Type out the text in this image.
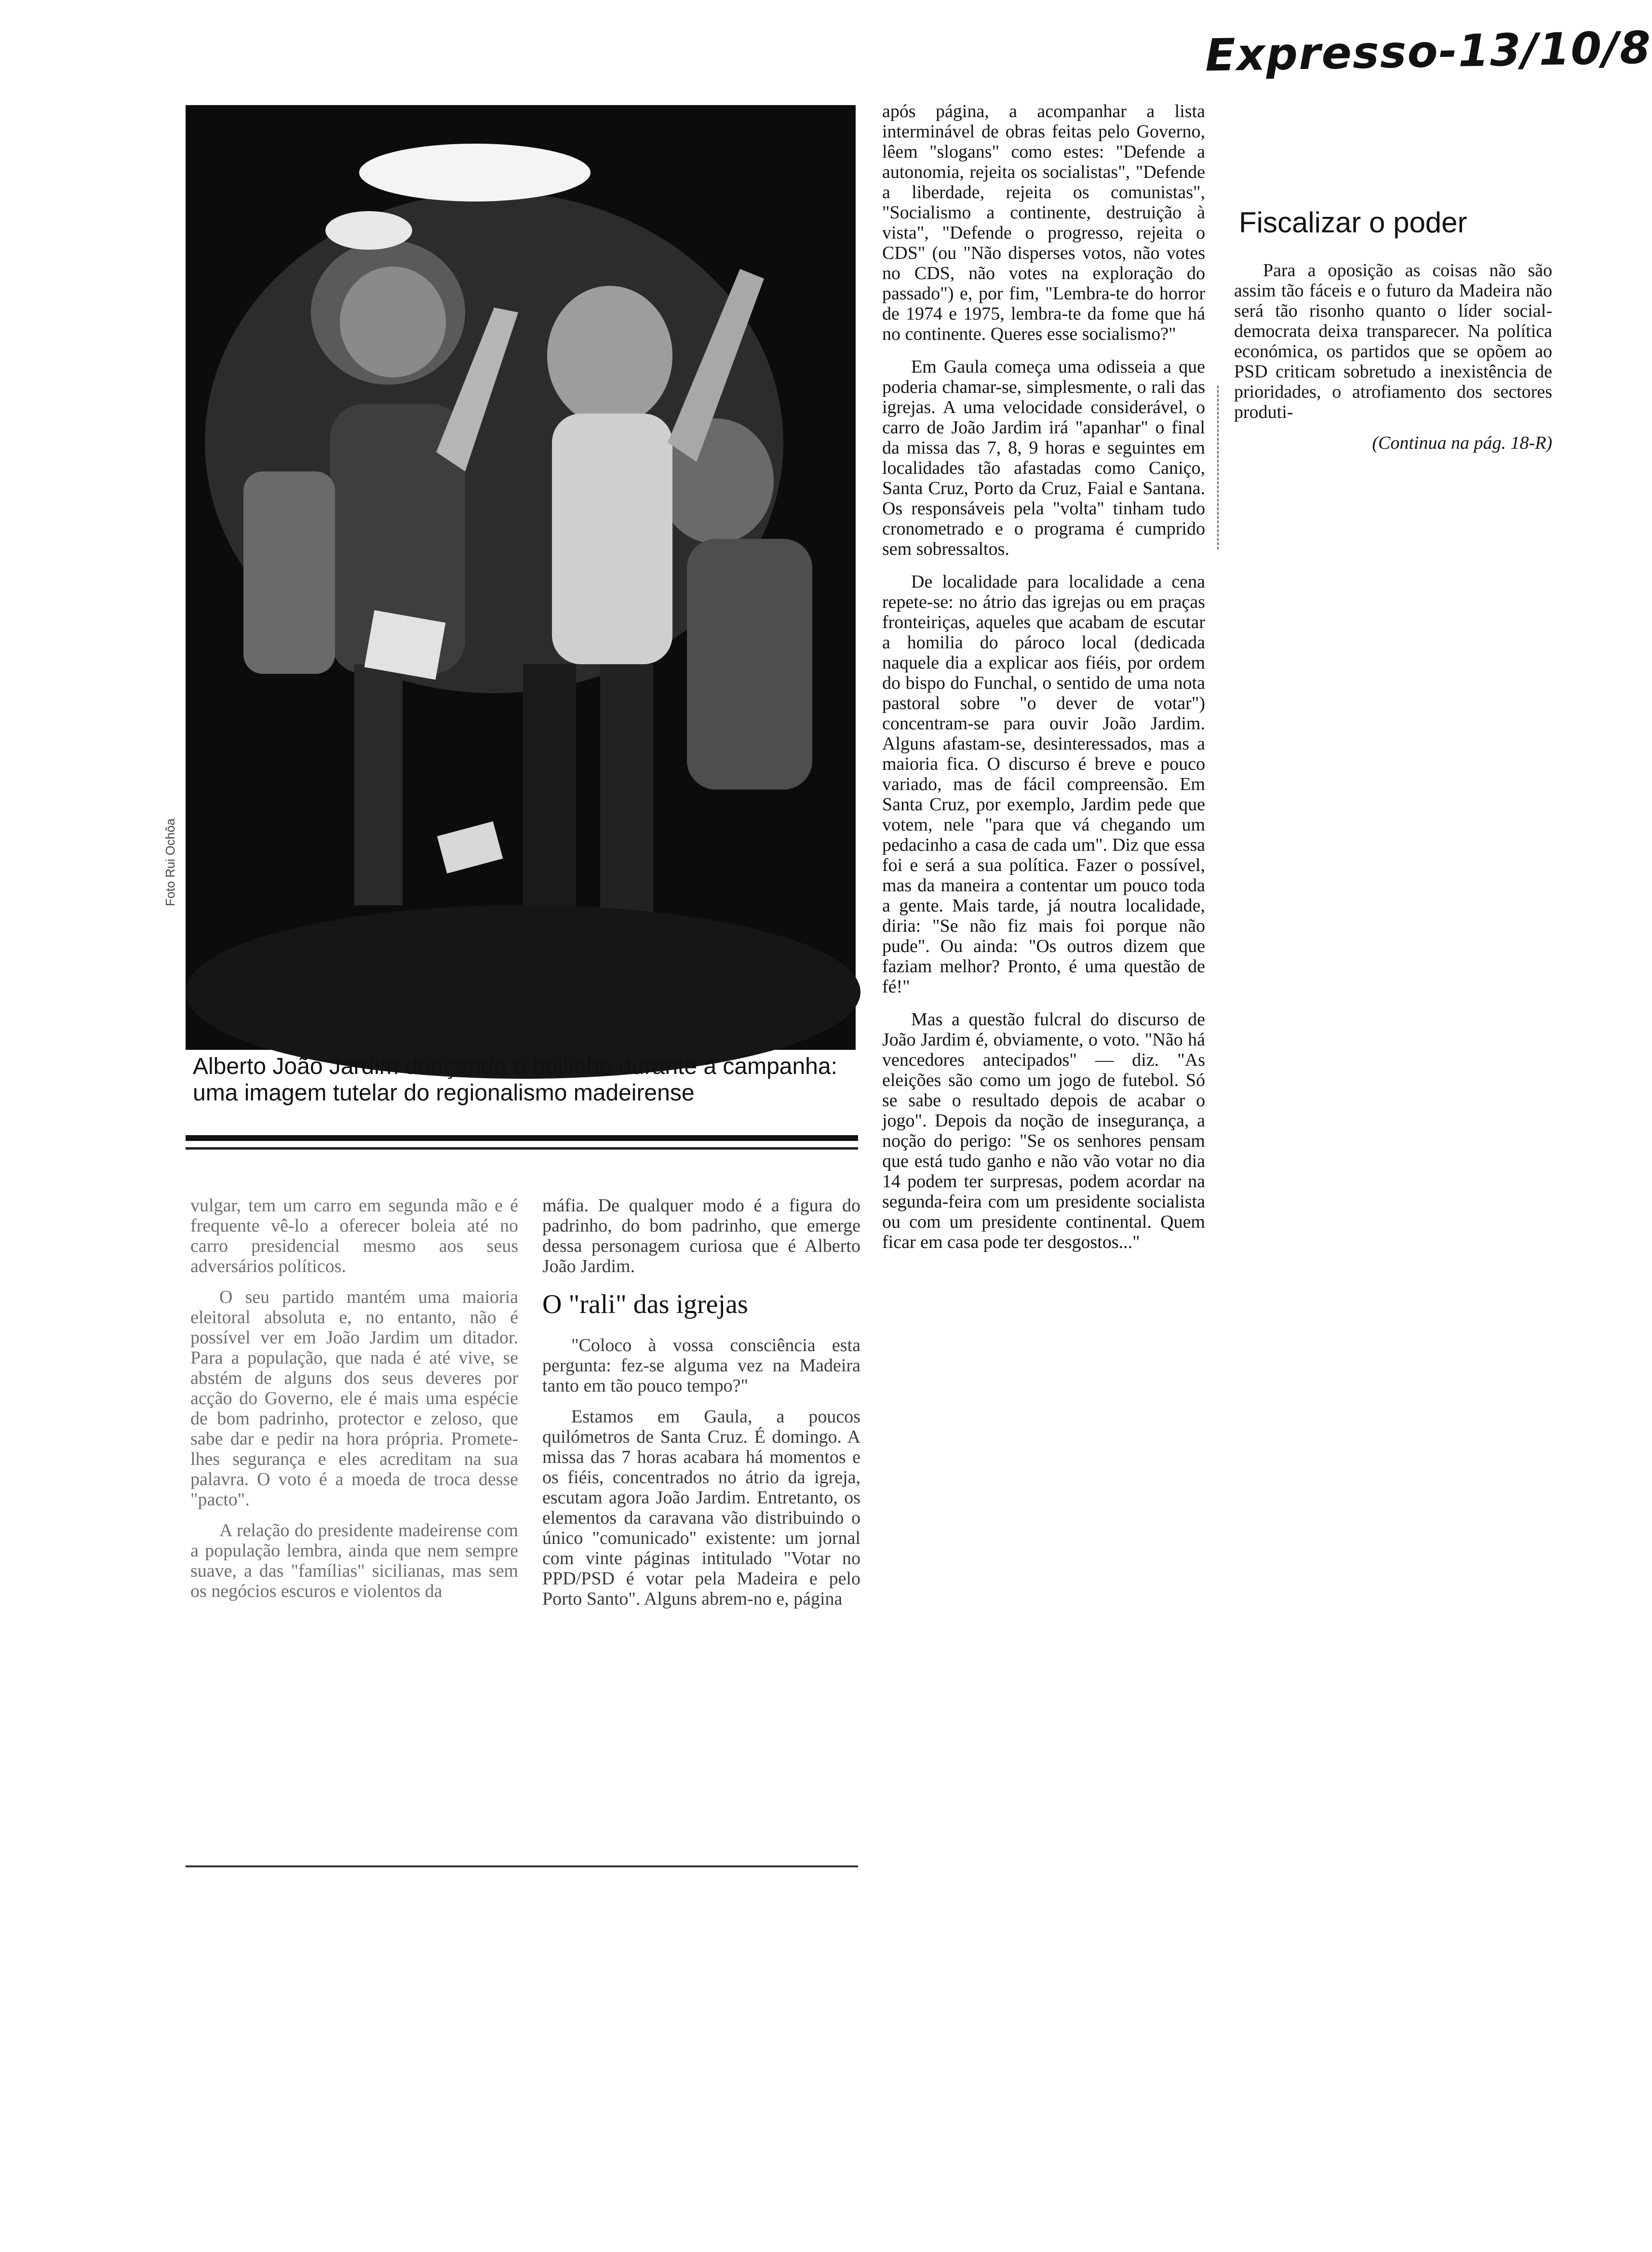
Expresso-13/10/8
Foto Rui Ochôa
Alberto João Jardim dançando o bailinho durante a campanha: uma imagem tutelar do regionalismo madeirense

vulgar, tem um carro em segunda mão e é frequente vê-lo a oferecer boleia até no carro presidencial mesmo aos seus adversários políticos.

O seu partido mantém uma maioria eleitoral absoluta e, no entanto, não é possível ver em João Jardim um ditador. Para a população, que nada é até vive, se abstém de alguns dos seus deveres por acção do Governo, ele é mais uma espécie de bom padrinho, protector e zeloso, que sabe dar e pedir na hora própria. Promete-lhes segurança e eles acreditam na sua palavra. O voto é a moeda de troca desse "pacto".

A relação do presidente madeirense com a população lembra, ainda que nem sempre suave, a das "famílias" sicilianas, mas sem os negócios escuros e violentos da

máfia. De qualquer modo é a figura do padrinho, do bom padrinho, que emerge dessa personagem curiosa que é Alberto João Jardim.

O "rali" das igrejas

"Coloco à vossa consciência esta pergunta: fez-se alguma vez na Madeira tanto em tão pouco tempo?"

Estamos em Gaula, a poucos quilómetros de Santa Cruz. É domingo. A missa das 7 horas acabara há momentos e os fiéis, concentrados no átrio da igreja, escutam agora João Jardim. Entretanto, os elementos da caravana vão distribuindo o único "comunicado" existente: um jornal com vinte páginas intitulado "Votar no PPD/PSD é votar pela Madeira e pelo Porto Santo". Alguns abrem-no e, página

após página, a acompanhar a lista interminável de obras feitas pelo Governo, lêem "slogans" como estes: "Defende a autonomia, rejeita os socialistas", "Defende a liberdade, rejeita os comunistas", "Socialismo a continente, destruição à vista", "Defende o progresso, rejeita o CDS" (ou "Não disperses votos, não votes no CDS, não votes na exploração do passado") e, por fim, "Lembra-te do horror de 1974 e 1975, lembra-te da fome que há no continente. Queres esse socialismo?"

Em Gaula começa uma odisseia a que poderia chamar-se, simplesmente, o rali das igrejas. A uma velocidade considerável, o carro de João Jardim irá "apanhar" o final da missa das 7, 8, 9 horas e seguintes em localidades tão afastadas como Caniço, Santa Cruz, Porto da Cruz, Faial e Santana. Os responsáveis pela "volta" tinham tudo cronometrado e o programa é cumprido sem sobressaltos.

De localidade para localidade a cena repete-se: no átrio das igrejas ou em praças fronteiriças, aqueles que acabam de escutar a homilia do pároco local (dedicada naquele dia a explicar aos fiéis, por ordem do bispo do Funchal, o sentido de uma nota pastoral sobre "o dever de votar") concentram-se para ouvir João Jardim. Alguns afastam-se, desinteressados, mas a maioria fica. O discurso é breve e pouco variado, mas de fácil compreensão. Em Santa Cruz, por exemplo, Jardim pede que votem, nele "para que vá chegando um pedacinho a casa de cada um". Diz que essa foi e será a sua política. Fazer o possível, mas da maneira a contentar um pouco toda a gente. Mais tarde, já noutra localidade, diria: "Se não fiz mais foi porque não pude". Ou ainda: "Os outros dizem que faziam melhor? Pronto, é uma questão de fé!"

Mas a questão fulcral do discurso de João Jardim é, obviamente, o voto. "Não há vencedores antecipados" — diz. "As eleições são como um jogo de futebol. Só se sabe o resultado depois de acabar o jogo". Depois da noção de insegurança, a noção do perigo: "Se os senhores pensam que está tudo ganho e não vão votar no dia 14 podem ter surpresas, podem acordar na segunda-feira com um presidente socialista ou com um presidente continental. Quem ficar em casa pode ter desgostos..."

Fiscalizar o poder

Para a oposição as coisas não são assim tão fáceis e o futuro da Madeira não será tão risonho quanto o líder social-democrata deixa transparecer. Na política económica, os partidos que se opõem ao PSD criticam sobretudo a inexistência de prioridades, o atrofiamento dos sectores produti-

(Continua na pág. 18-R)
